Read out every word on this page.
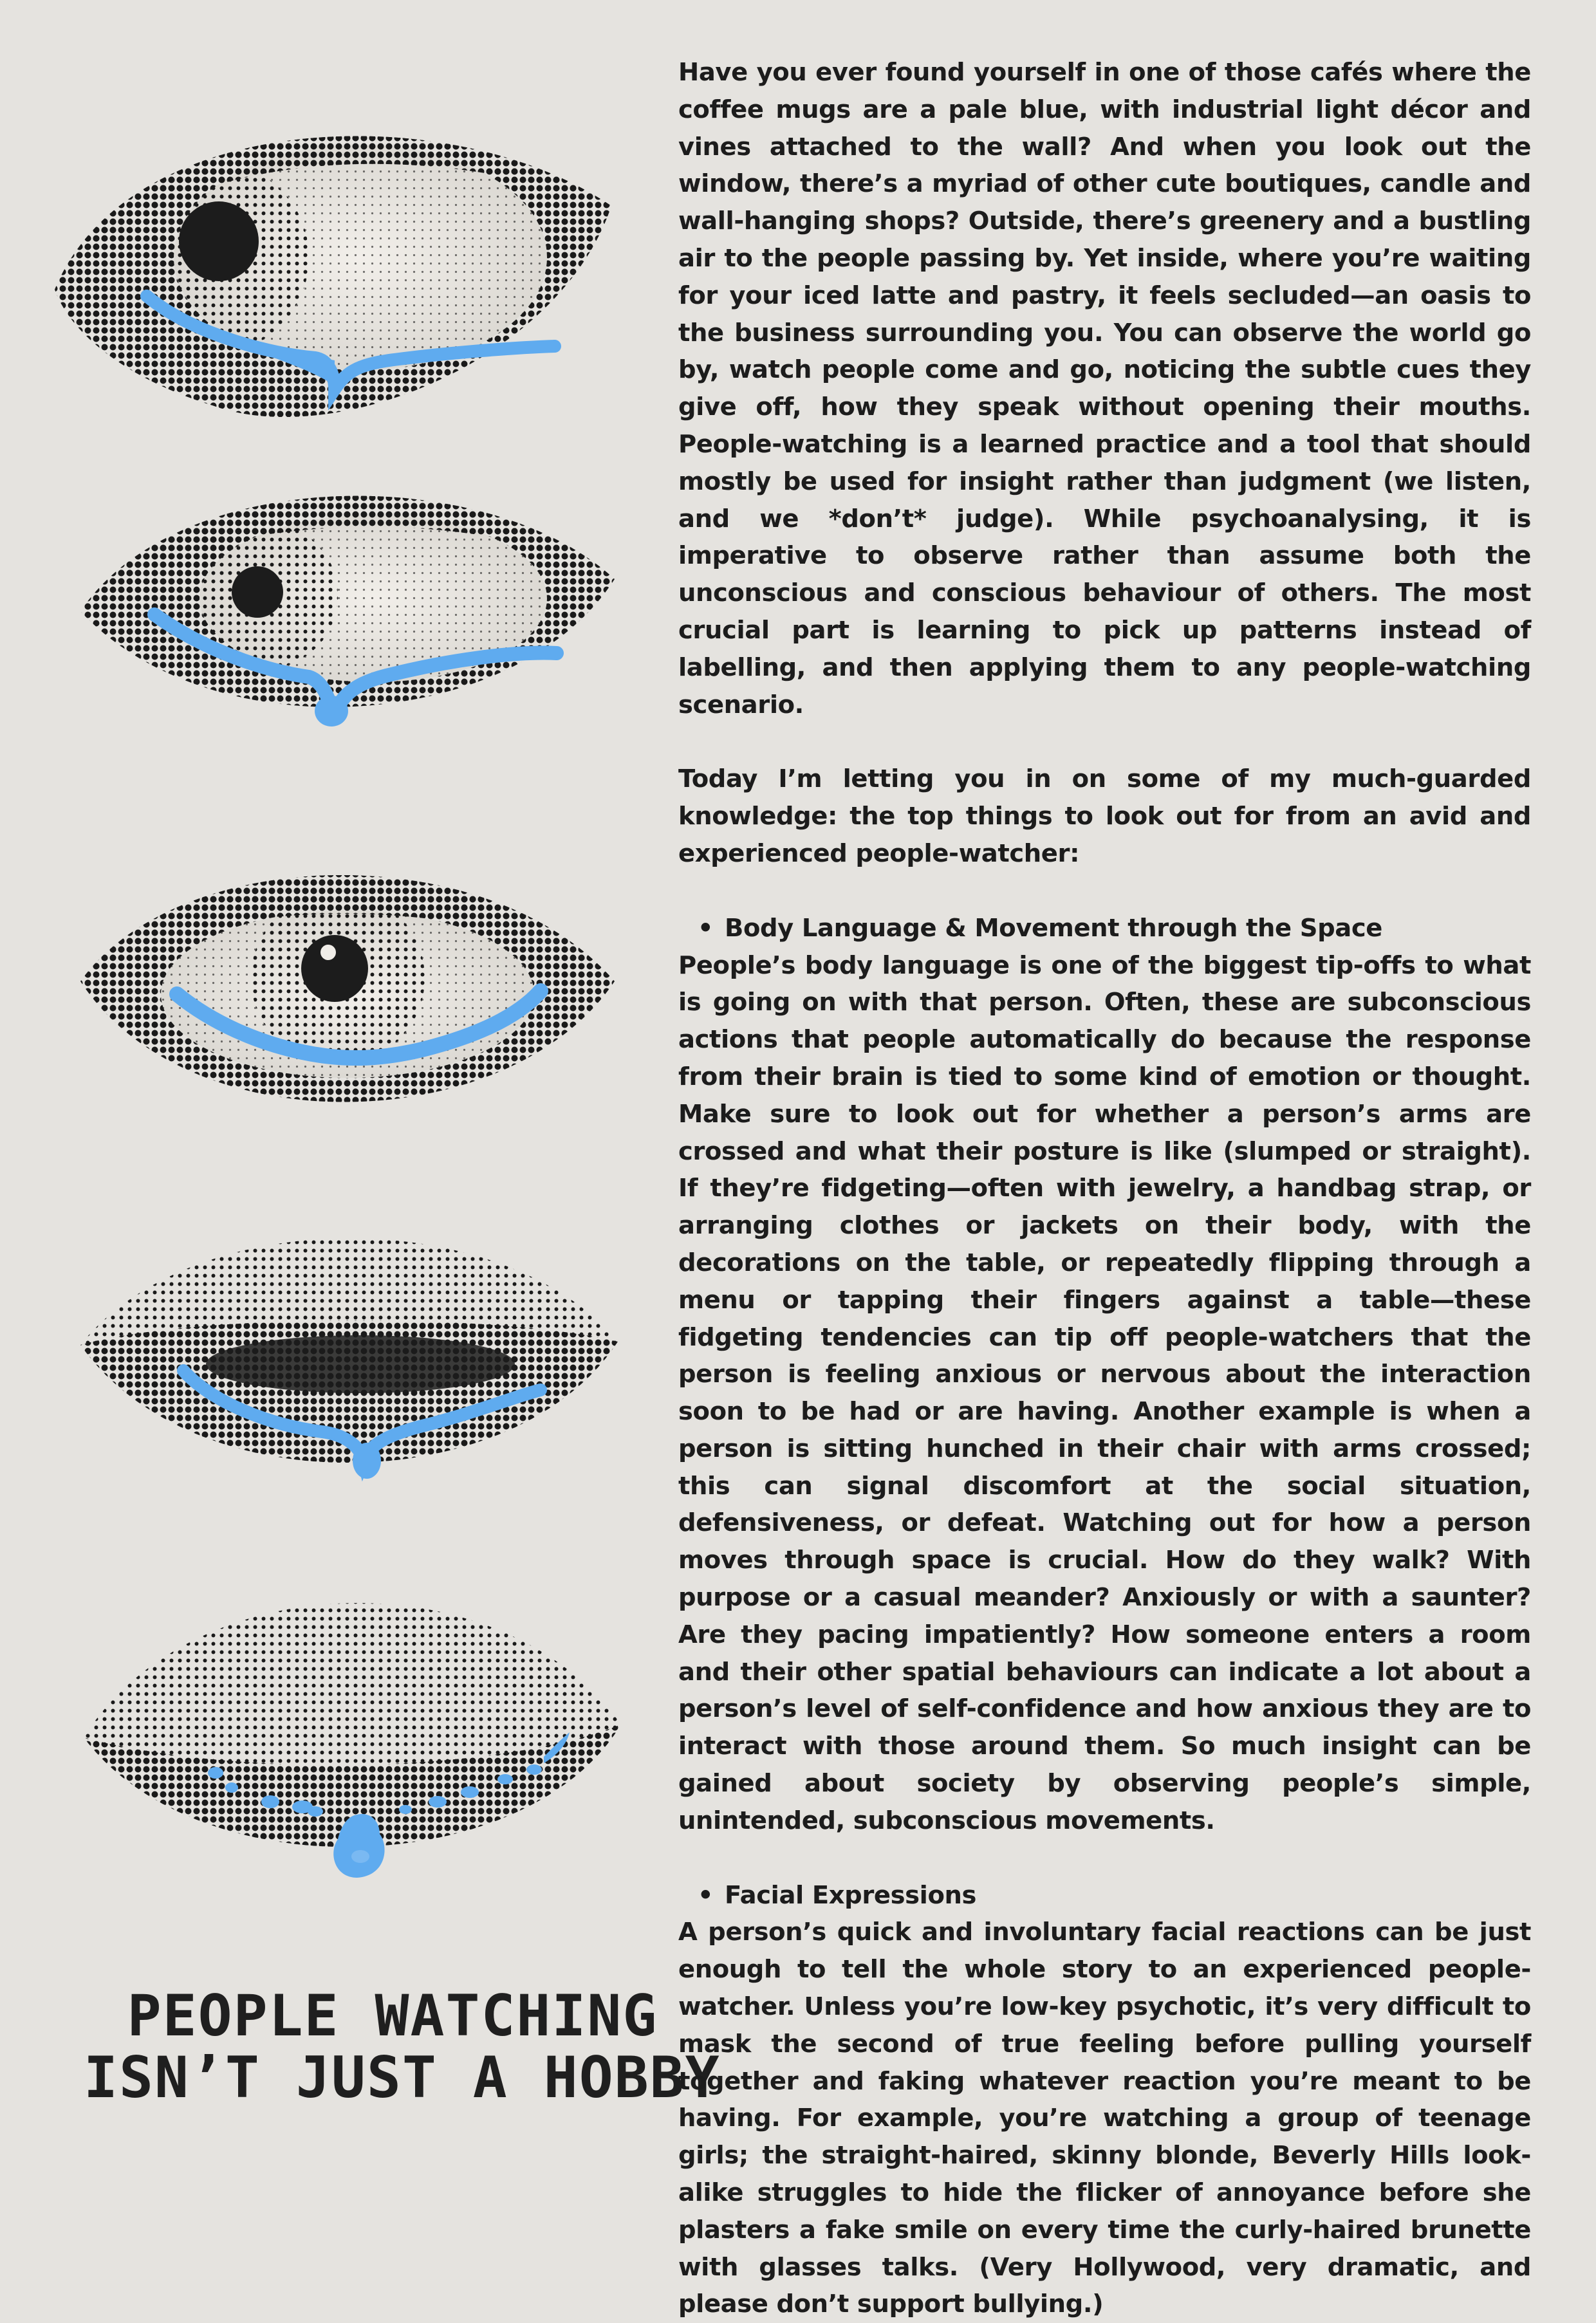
PEOPLE WATCHING
ISN’T JUST A HOBBY

Have you ever found yourself in one of those cafés where the coffee mugs are a pale blue, with industrial light décor and vines attached to the wall? And when you look out the window, there’s a myriad of other cute boutiques, candle and wall-hanging shops? Outside, there’s greenery and a bustling air to the people passing by. Yet inside, where you’re waiting for your iced latte and pastry, it feels secluded—an oasis to the business surrounding you. You can observe the world go by, watch people come and go, noticing the subtle cues they give off, how they speak without opening their mouths. People-watching is a learned practice and a tool that should mostly be used for insight rather than judgment (we listen, and we *don’t* judge). While psychoanalysing, it is imperative to observe rather than assume both the unconscious and conscious behaviour of others. The most crucial part is learning to pick up patterns instead of labelling, and then applying them to any people-watching scenario.

Today I’m letting you in on some of my much-guarded knowledge: the top things to look out for from an avid and experienced people-watcher:

• Body Language & Movement through the Space

People’s body language is one of the biggest tip-offs to what is going on with that person. Often, these are subconscious actions that people automatically do because the response from their brain is tied to some kind of emotion or thought. Make sure to look out for whether a person’s arms are crossed and what their posture is like (slumped or straight). If they’re fidgeting—often with jewelry, a handbag strap, or arranging clothes or jackets on their body, with the decorations on the table, or repeatedly flipping through a menu or tapping their fingers against a table—these fidgeting tendencies can tip off people-watchers that the person is feeling anxious or nervous about the interaction soon to be had or are having. Another example is when a person is sitting hunched in their chair with arms crossed; this can signal discomfort at the social situation, defensiveness, or defeat. Watching out for how a person moves through space is crucial. How do they walk? With purpose or a casual meander? Anxiously or with a saunter? Are they pacing impatiently? How someone enters a room and their other spatial behaviours can indicate a lot about a person’s level of self-confidence and how anxious they are to interact with those around them. So much insight can be gained about society by observing people’s simple, unintended, subconscious movements.

• Facial Expressions

A person’s quick and involuntary facial reactions can be just enough to tell the whole story to an experienced people-watcher. Unless you’re low-key psychotic, it’s very difficult to mask the second of true feeling before pulling yourself together and faking whatever reaction you’re meant to be having. For example, you’re watching a group of teenage girls; the straight-haired, skinny blonde, Beverly Hills look-alike struggles to hide the flicker of annoyance before she plasters a fake smile on every time the curly-haired brunette with glasses talks. (Very Hollywood, very dramatic, and please don’t support bullying.)
